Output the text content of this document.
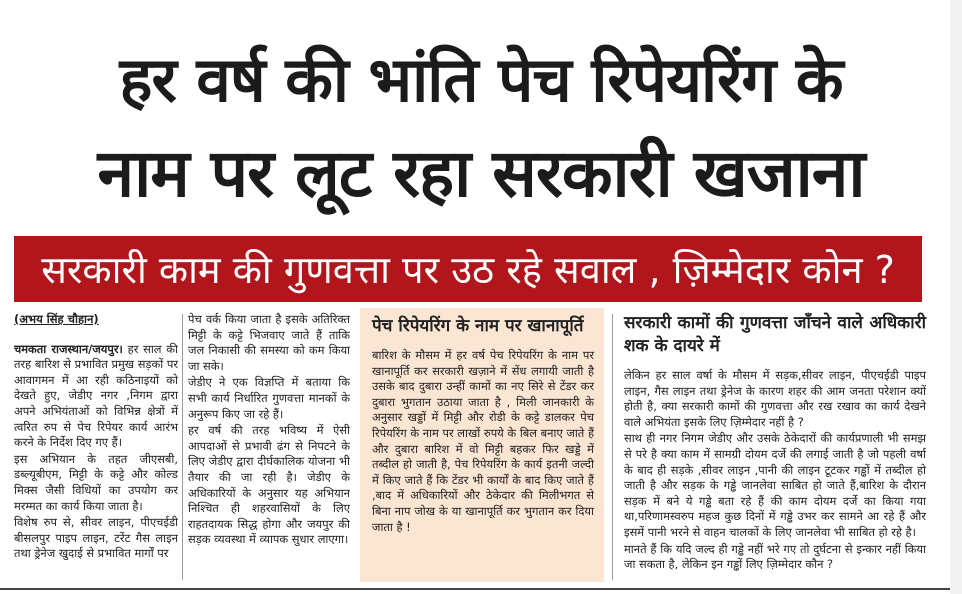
हर वर्ष की भांति पेच रिपेयरिंग के
नाम पर लूट रहा सरकारी खजाना
सरकारी काम की गुणवत्ता पर उठ रहे सवाल , ज़िम्मेदार कोन ?
(अभय सिंह चौहान)

चमकता राजस्थान/जयपुर। हर साल की तरह बारिश से प्रभावित प्रमुख सड़कों पर आवागमन में आ रही कठिनाइयों को देखते हुए, जेडीए नगर ,निगम द्वारा अपने अभियंताओं को विभिन्न क्षेत्रों में त्वरित रुप से पेच रिपेयर कार्य आरंभ करने के निर्देश दिए गए हैं।

इस अभियान के तहत जीएसबी, डब्ल्यूबीएम, मिट्टी के कट्टे और कोल्ड मिक्स जैसी विधियों का उपयोग कर मरम्मत का कार्य किया जाता है।

विशेष रुप से, सीवर लाइन, पीएचईडी बीसलपुर पाइप लाइन, टरेंट गैस लाइन तथा ड्रेनेज खुदाई से प्रभावित मार्गों पर

पेच वर्क किया जाता है इसके अतिरिक्त मिट्टी के कट्टे भिजवाए जाते हैं ताकि जल निकासी की समस्या को कम किया जा सके।

जेडीए ने एक विज्ञप्ति में बताया कि सभी कार्य निर्धारित गुणवत्ता मानकों के अनुरूप किए जा रहे हैं।

हर वर्ष की तरह भविष्य में ऐसी आपदाओं से प्रभावी ढंग से निपटने के लिए जेडीए द्वारा दीर्घकालिक योजना भी तैयार की जा रही है। जेडीए के अधिकारियों के अनुसार यह अभियान निश्चित ही शहरवासियों के लिए राहतदायक सिद्ध होगा और जयपुर की सड़क व्यवस्था में व्यापक सुधार लाएगा।

पेच रिपेयरिंग के नाम पर खानापूर्ति

बारिश के मौसम में हर वर्ष पेच रिपेयरिंग के नाम पर खानापूर्ति कर सरकारी खज़ाने में सेंध लगायी जाती है उसके बाद दुबारा उन्हीं कामों का नए सिरे से टेंडर कर दुबारा भुगतान उठाया जाता है , मिली जानकारी के अनुसार खड्डों में मिट्टी और रोडी के कट्टे डालकर पेच रिपेयरिंग के नाम पर लाखों रुपये के बिल बनाए जाते हैं और दुबारा बारिश में वो मिट्टी बहकर फिर खड्डे में तब्दील हो जाती है, पेच रिपेयरिंग के कार्य इतनी जल्दी में किए जाते हैं कि टेंडर भी कार्यों के बाद किए जाते हैं ,बाद में अधिकारियों और ठेकेदार की मिलीभगत से बिना नाप जोख के या खानापूर्ति कर भुगतान कर दिया जाता है !

सरकारी कामों की गुणवत्ता जाँचने वाले अधिकारी शक के दायरे में

लेकिन हर साल वर्षा के मौसम में सड़क,सीवर लाइन, पीएचईडी पाइप लाइन, गैस लाइन तथा ड्रेनेज के कारण शहर की आम जनता परेशान क्यों होती है, क्या सरकारी कामों की गुणवत्ता और रख रखाव का कार्य देखने वाले अभियंता इसके लिए ज़िम्मेदार नहीं है ?

साथ ही नगर निगम जेडीए और उसके ठेकेदारों की कार्यप्रणाली भी समझ से परे है क्या काम में सामग्री दोयम दर्जे की लगाई जाती है जो पहली वर्षा के बाद ही सड़के ,सीवर लाइन ,पानी की लाइन टूटकर गड्ढों में तब्दील हो जाती है और सड़क के गड्ढे जानलेवा साबित हो जाते हैं,बारिश के दौरान सड़क में बने ये गड्ढे बता रहे हैं की काम दोयम दर्जे का किया गया था,परिणामस्वरुप महज कुछ दिनों में गड्ढे उभर कर सामने आ रहे हैं और इसमें पानी भरने से वाहन चालकों के लिए जानलेवा भी साबित हो रहे है।

मानते हैं कि यदि जल्द ही गड्ढे नहीं भरे गए तो दुर्घटना से इन्कार नहीं किया जा सकता है, लेकिन इन गड्ढों लिए ज़िम्मेदार कौन ?
